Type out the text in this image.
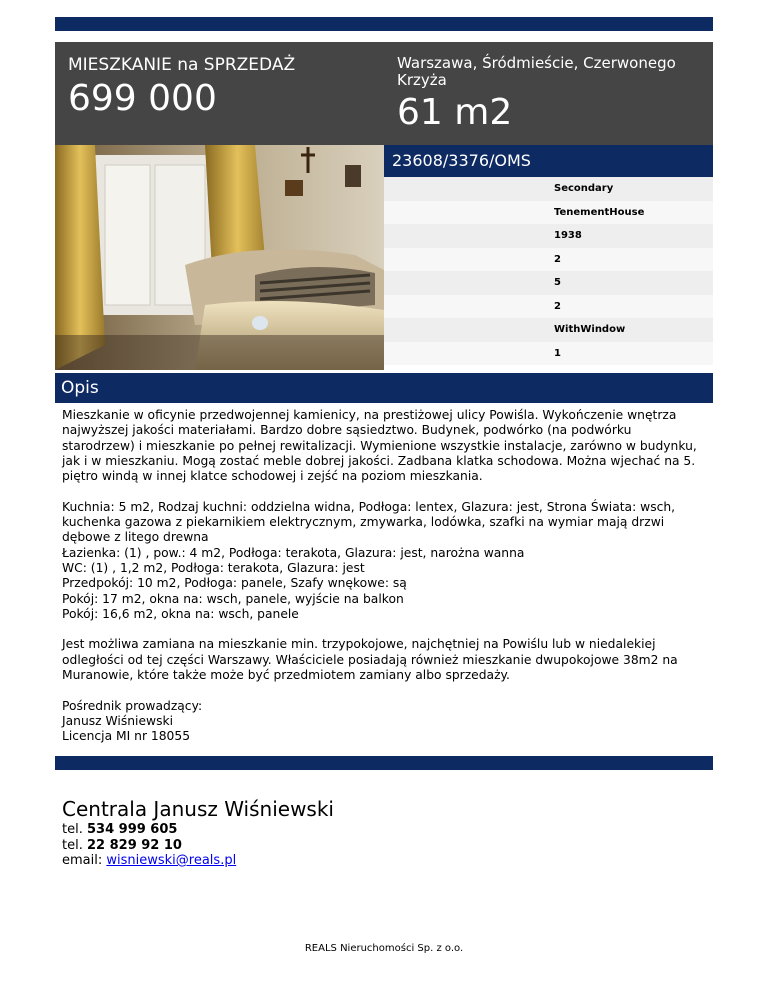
MIESZKANIE na SPRZEDAŻ
699 000
Warszawa, Śródmieście, Czerwonego Krzyża
61 m2
23608/3376/OMS
Secondary
TenementHouse
1938
2
5
2
WithWindow
1
Opis

Mieszkanie w oficynie przedwojennej kamienicy, na prestiżowej ulicy Powiśla. Wykończenie wnętrza najwyższej jakości materiałami. Bardzo dobre sąsiedztwo. Budynek, podwórko (na podwórku starodrzew) i mieszkanie po pełnej rewitalizacji. Wymienione wszystkie instalacje, zarówno w budynku, jak i w mieszkaniu. Mogą zostać meble dobrej jakości. Zadbana klatka schodowa. Można wjechać na 5. piętro windą w innej klatce schodowej i zejść na poziom mieszkania.

Kuchnia: 5 m2, Rodzaj kuchni: oddzielna widna, Podłoga: lentex, Glazura: jest, Strona Świata: wsch, kuchenka gazowa z piekarnikiem elektrycznym, zmywarka, lodówka, szafki na wymiar mają drzwi dębowe z litego drewna
Łazienka: (1) , pow.: 4 m2, Podłoga: terakota, Glazura: jest, narożna wanna
WC: (1) , 1,2 m2, Podłoga: terakota, Glazura: jest
Przedpokój: 10 m2, Podłoga: panele, Szafy wnękowe: są
Pokój: 17 m2, okna na: wsch, panele, wyjście na balkon
Pokój: 16,6 m2, okna na: wsch, panele

Jest możliwa zamiana na mieszkanie min. trzypokojowe, najchętniej na Powiślu lub w niedalekiej odległości od tej części Warszawy. Właściciele posiadają również mieszkanie dwupokojowe 38m2 na Muranowie, które także może być przedmiotem zamiany albo sprzedaży.

Pośrednik prowadzący:
Janusz Wiśniewski
Licencja MI nr 18055

Centrala Janusz Wiśniewski
tel. 534 999 605
tel. 22 829 92 10
email: wisniewski@reals.pl
REALS Nieruchomości Sp. z o.o.
